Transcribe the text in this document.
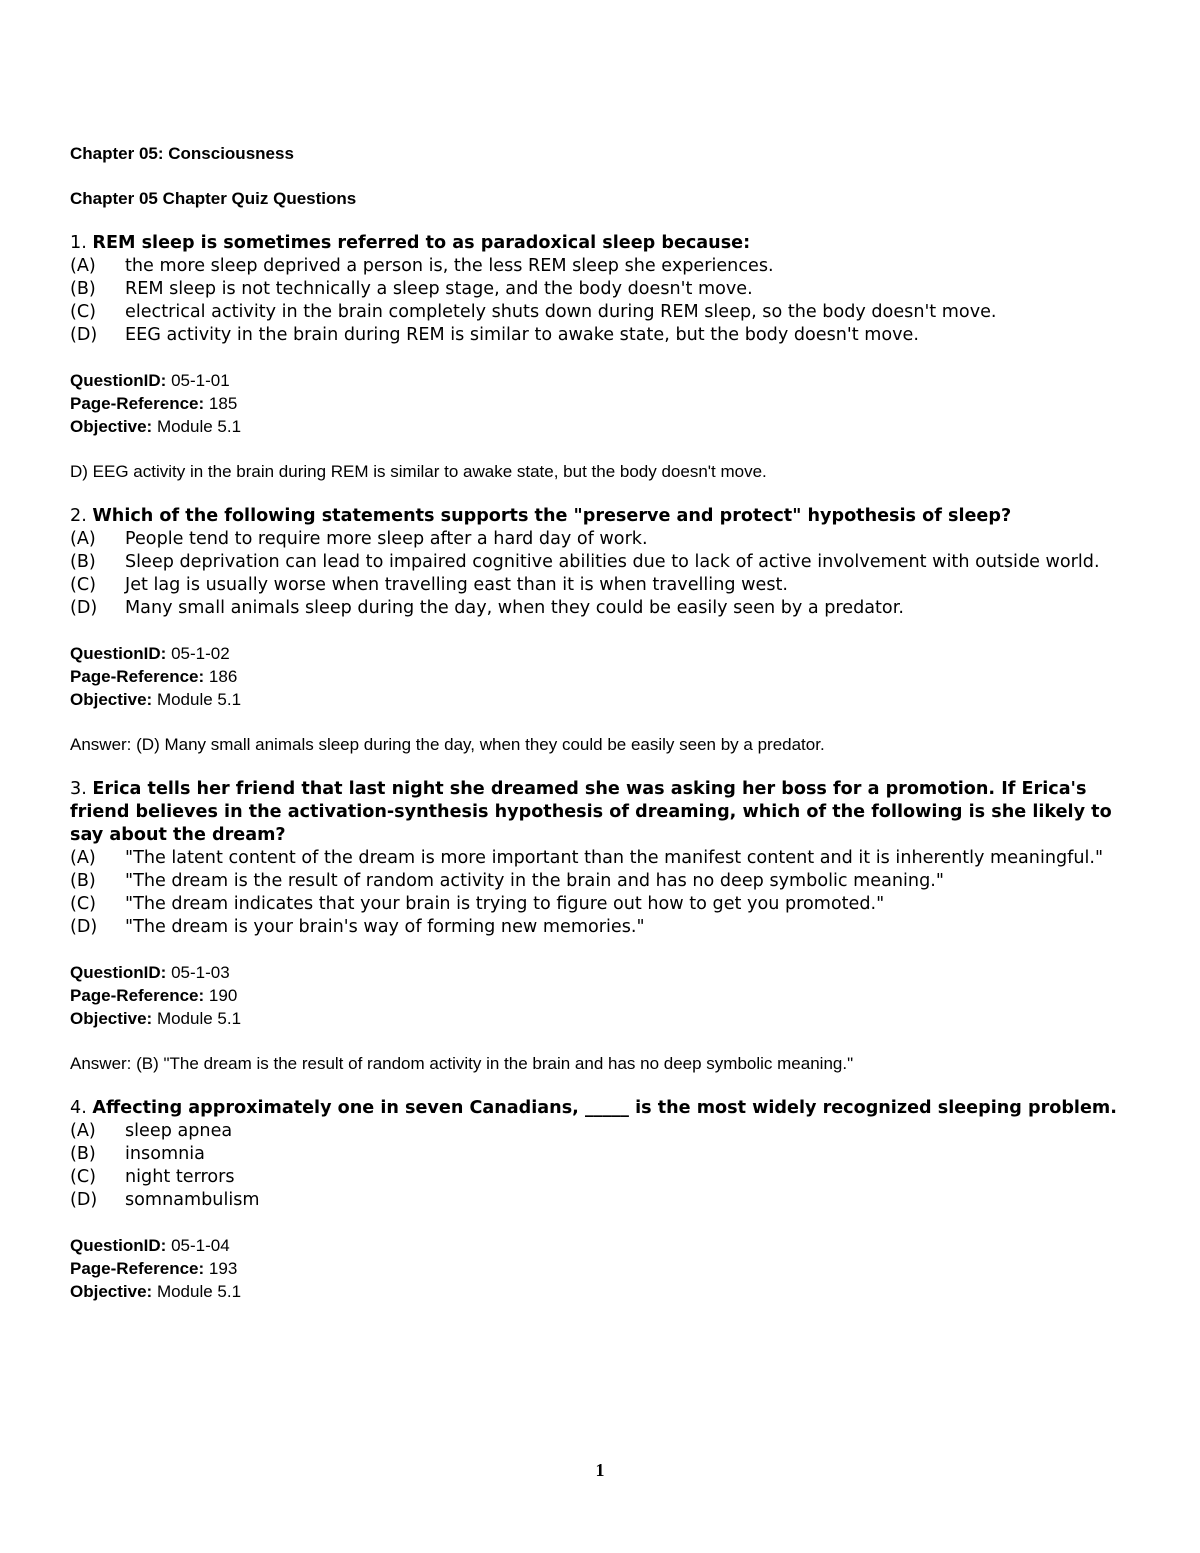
Chapter 05: Consciousness

Chapter 05 Chapter Quiz Questions

1. REM sleep is sometimes referred to as paradoxical sleep because:

(A) the more sleep deprived a person is, the less REM sleep she experiences.
(B) REM sleep is not technically a sleep stage, and the body doesn't move.
(C) electrical activity in the brain completely shuts down during REM sleep, so the body doesn't move.
(D) EEG activity in the brain during REM is similar to awake state, but the body doesn't move.
QuestionID: 05-1-01
Page-Reference: 185
Objective: Module 5.1
D) EEG activity in the brain during REM is similar to awake state, but the body doesn't move.

2. Which of the following statements supports the "preserve and protect" hypothesis of sleep?

(A) People tend to require more sleep after a hard day of work.
(B) Sleep deprivation can lead to impaired cognitive abilities due to lack of active involvement with outside world.
(C) Jet lag is usually worse when travelling east than it is when travelling west.
(D) Many small animals sleep during the day, when they could be easily seen by a predator.
QuestionID: 05-1-02
Page-Reference: 186
Objective: Module 5.1
Answer: (D) Many small animals sleep during the day, when they could be easily seen by a predator.

3. Erica tells her friend that last night she dreamed she was asking her boss for a promotion. If Erica's friend believes in the activation-synthesis hypothesis of dreaming, which of the following is she likely to say about the dream?

(A) "The latent content of the dream is more important than the manifest content and it is inherently meaningful."
(B) "The dream is the result of random activity in the brain and has no deep symbolic meaning."
(C) "The dream indicates that your brain is trying to figure out how to get you promoted."
(D) "The dream is your brain's way of forming new memories."
QuestionID: 05-1-03
Page-Reference: 190
Objective: Module 5.1
Answer: (B) "The dream is the result of random activity in the brain and has no deep symbolic meaning."

4. Affecting approximately one in seven Canadians, _____ is the most widely recognized sleeping problem.

(A) sleep apnea
(B) insomnia
(C) night terrors
(D) somnambulism
QuestionID: 05-1-04
Page-Reference: 193
Objective: Module 5.1
1
